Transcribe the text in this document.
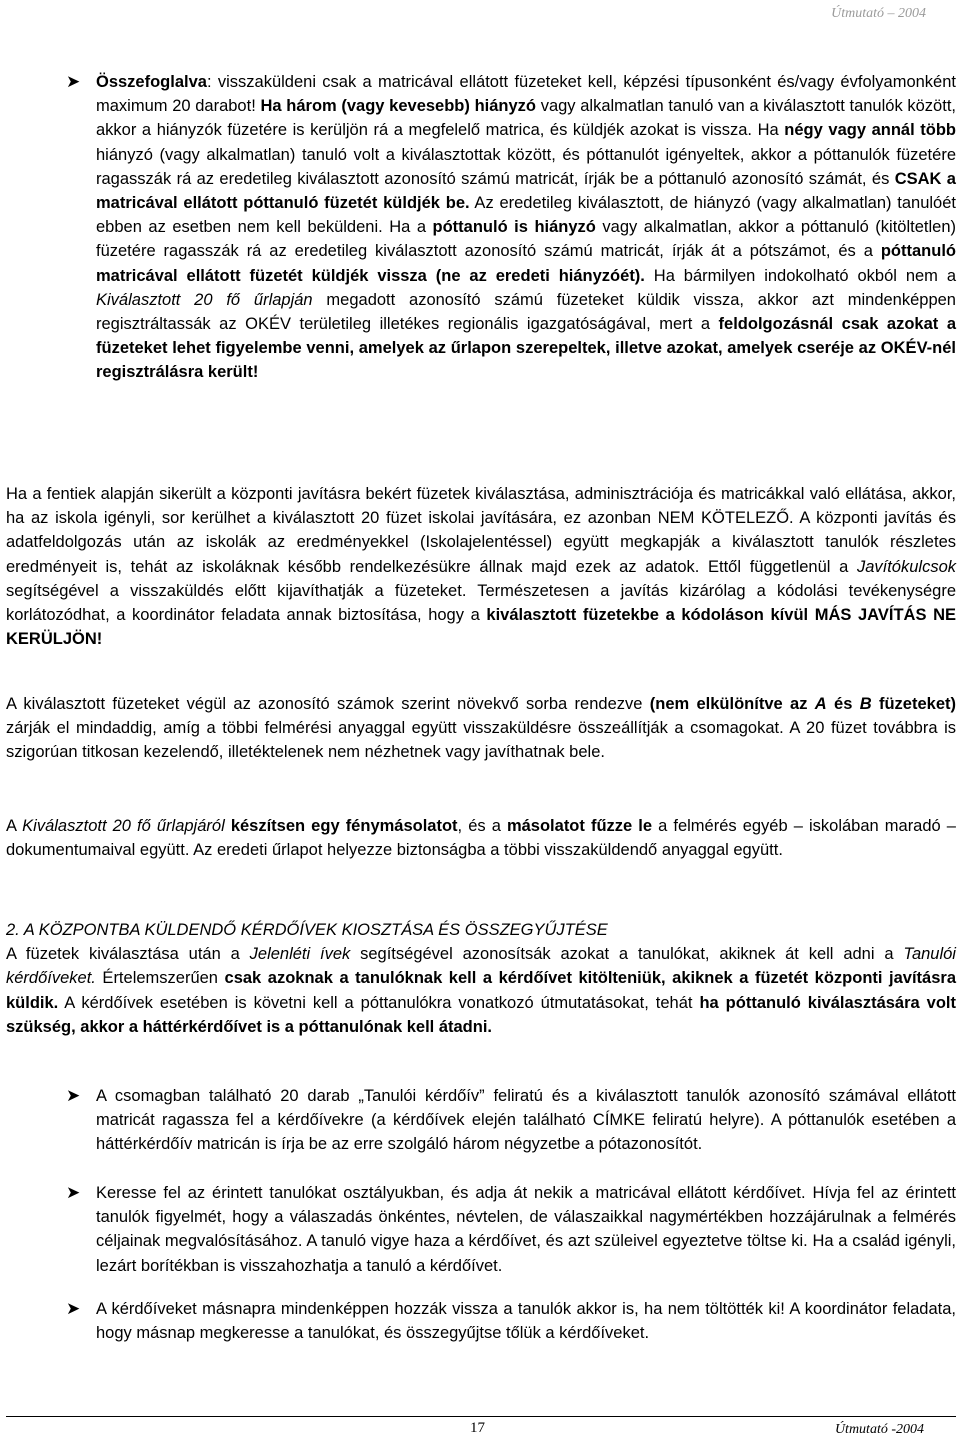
Útmutató – 2004
➤ Összefoglalva: visszaküldeni csak a matricával ellátott füzeteket kell, képzési típusonként és/vagy évfolyamonként maximum 20 darabot! Ha három (vagy kevesebb) hiányzó vagy alkalmatlan tanuló van a kiválasztott tanulók között, akkor a hiányzók füzetére is kerüljön rá a megfelelő matrica, és küldjék azokat is vissza. Ha négy vagy annál több hiányzó (vagy alkalmatlan) tanuló volt a kiválasztottak között, és póttanulót igényeltek, akkor a póttanulók füzetére ragasszák rá az eredetileg kiválasztott azonosító számú matricát, írják be a póttanuló azonosító számát, és CSAK a matricával ellátott póttanuló füzetét küldjék be. Az eredetileg kiválasztott, de hiányzó (vagy alkalmatlan) tanulóét ebben az esetben nem kell beküldeni. Ha a póttanuló is hiányzó vagy alkalmatlan, akkor a póttanuló (kitöltetlen) füzetére ragasszák rá az eredetileg kiválasztott azonosító számú matricát, írják át a pótszámot, és a póttanuló matricával ellátott füzetét küldjék vissza (ne az eredeti hiányzóét). Ha bármilyen indokolható okból nem a Kiválasztott 20 fő űrlapján megadott azonosító számú füzeteket küldik vissza, akkor azt mindenképpen regisztráltassák az OKÉV területileg illetékes regionális igazgatóságával, mert a feldolgozásnál csak azokat a füzeteket lehet figyelembe venni, amelyek az űrlapon szerepeltek, illetve azokat, amelyek cseréje az OKÉV-nél regisztrálásra került!
Ha a fentiek alapján sikerült a központi javításra bekért füzetek kiválasztása, adminisztrációja és matricákkal való ellátása, akkor, ha az iskola igényli, sor kerülhet a kiválasztott 20 füzet iskolai javítására, ez azonban NEM KÖTELEZŐ. A központi javítás és adatfeldolgozás után az iskolák az eredményekkel (Iskolajelentéssel) együtt megkapják a kiválasztott tanulók részletes eredményeit is, tehát az iskoláknak később rendelkezésükre állnak majd ezek az adatok. Ettől függetlenül a Javítókulcsok segítségével a visszaküldés előtt kijavíthatják a füzeteket. Természetesen a javítás kizárólag a kódolási tevékenységre korlátozódhat, a koordinátor feladata annak biztosítása, hogy a kiválasztott füzetekbe a kódoláson kívül MÁS JAVÍTÁS NE KERÜLJÖN!
A kiválasztott füzeteket végül az azonosító számok szerint növekvő sorba rendezve (nem elkülönítve az A és B füzeteket) zárják el mindaddig, amíg a többi felmérési anyaggal együtt visszaküldésre összeállítják a csomagokat. A 20 füzet továbbra is szigorúan titkosan kezelendő, illetéktelenek nem nézhetnek vagy javíthatnak bele.
A Kiválasztott 20 fő űrlapjáról készítsen egy fénymásolatot, és a másolatot fűzze le a felmérés egyéb – iskolában maradó – dokumentumaival együtt. Az eredeti űrlapot helyezze biztonságba a többi visszaküldendő anyaggal együtt.
2. A KÖZPONTBA KÜLDENDŐ KÉRDŐÍVEK KIOSZTÁSA ÉS ÖSSZEGYŰJTÉSE
A füzetek kiválasztása után a Jelenléti ívek segítségével azonosítsák azokat a tanulókat, akiknek át kell adni a Tanulói kérdőíveket. Értelemszerűen csak azoknak a tanulóknak kell a kérdőívet kitölteniük, akiknek a füzetét központi javításra küldik. A kérdőívek esetében is követni kell a póttanulókra vonatkozó útmutatásokat, tehát ha póttanuló kiválasztására volt szükség, akkor a háttérkérdőívet is a póttanulónak kell átadni.
➤ A csomagban található 20 darab „Tanulói kérdőív” feliratú és a kiválasztott tanulók azonosító számával ellátott matricát ragassza fel a kérdőívekre (a kérdőívek elején található CÍMKE feliratú helyre). A póttanulók esetében a háttérkérdőív matricán is írja be az erre szolgáló három négyzetbe a pótazonosítót.
➤ Keresse fel az érintett tanulókat osztályukban, és adja át nekik a matricával ellátott kérdőívet. Hívja fel az érintett tanulók figyelmét, hogy a válaszadás önkéntes, névtelen, de válaszaikkal nagymértékben hozzájárulnak a felmérés céljainak megvalósításához. A tanuló vigye haza a kérdőívet, és azt szüleivel egyeztetve töltse ki. Ha a család igényli, lezárt borítékban is visszahozhatja a tanuló a kérdőívet.
➤ A kérdőíveket másnapra mindenképpen hozzák vissza a tanulók akkor is, ha nem töltötték ki! A koordinátor feladata, hogy másnap megkeresse a tanulókat, és összegyűjtse tőlük a kérdőíveket.
17	Útmutató -2004
